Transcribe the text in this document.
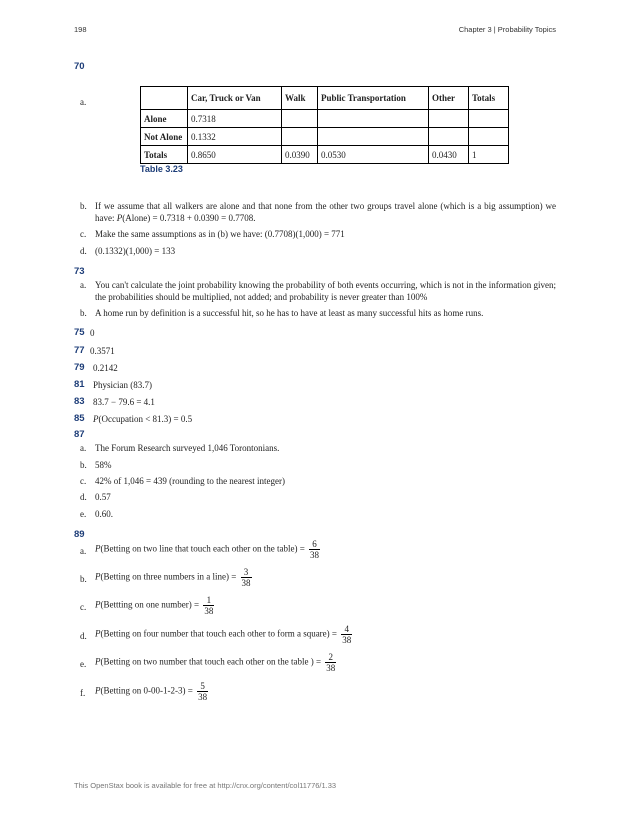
198	Chapter 3 | Probability Topics
70
a.
		Car, Truck or Van	Walk	Public Transportation	Other	Totals
Alone	0.7318				
Not Alone	0.1332				
Totals	0.8650	0.0390	0.0530	0.0430	1
Table 3.23
b. If we assume that all walkers are alone and that none from the other two groups travel alone (which is a big assumption) we have: P(Alone) = 0.7318 + 0.0390 = 0.7708.
c. Make the same assumptions as in (b) we have: (0.7708)(1,000) = 771
d. (0.1332)(1,000) = 133
73
a. You can't calculate the joint probability knowing the probability of both events occurring, which is not in the information given; the probabilities should be multiplied, not added; and probability is never greater than 100%
b. A home run by definition is a successful hit, so he has to have at least as many successful hits as home runs.
75 0
77 0.3571
79 0.2142
81 Physician (83.7)
83 83.7 − 79.6 = 4.1
85 P(Occupation < 81.3) = 0.5
87
a. The Forum Research surveyed 1,046 Torontonians.
b. 58%
c. 42% of 1,046 = 439 (rounding to the nearest integer)
d. 0.57
e. 0.60.
89
a. P(Betting on two line that touch each other on the table) = $\frac{6}{38}$
b. P(Betting on three numbers in a line) = $\frac{3}{38}$
c. P(Bettting on one number) = $\frac{1}{38}$
d. P(Betting on four number that touch each other to form a square) = $\frac{4}{38}$
e. P(Betting on two number that touch each other on the table ) = $\frac{2}{38}$
f. P(Betting on $0-00-1-2-3) = \frac{5}{38}$
This OpenStax book is available for free at http://cnx.org/content/col11776/1.33
